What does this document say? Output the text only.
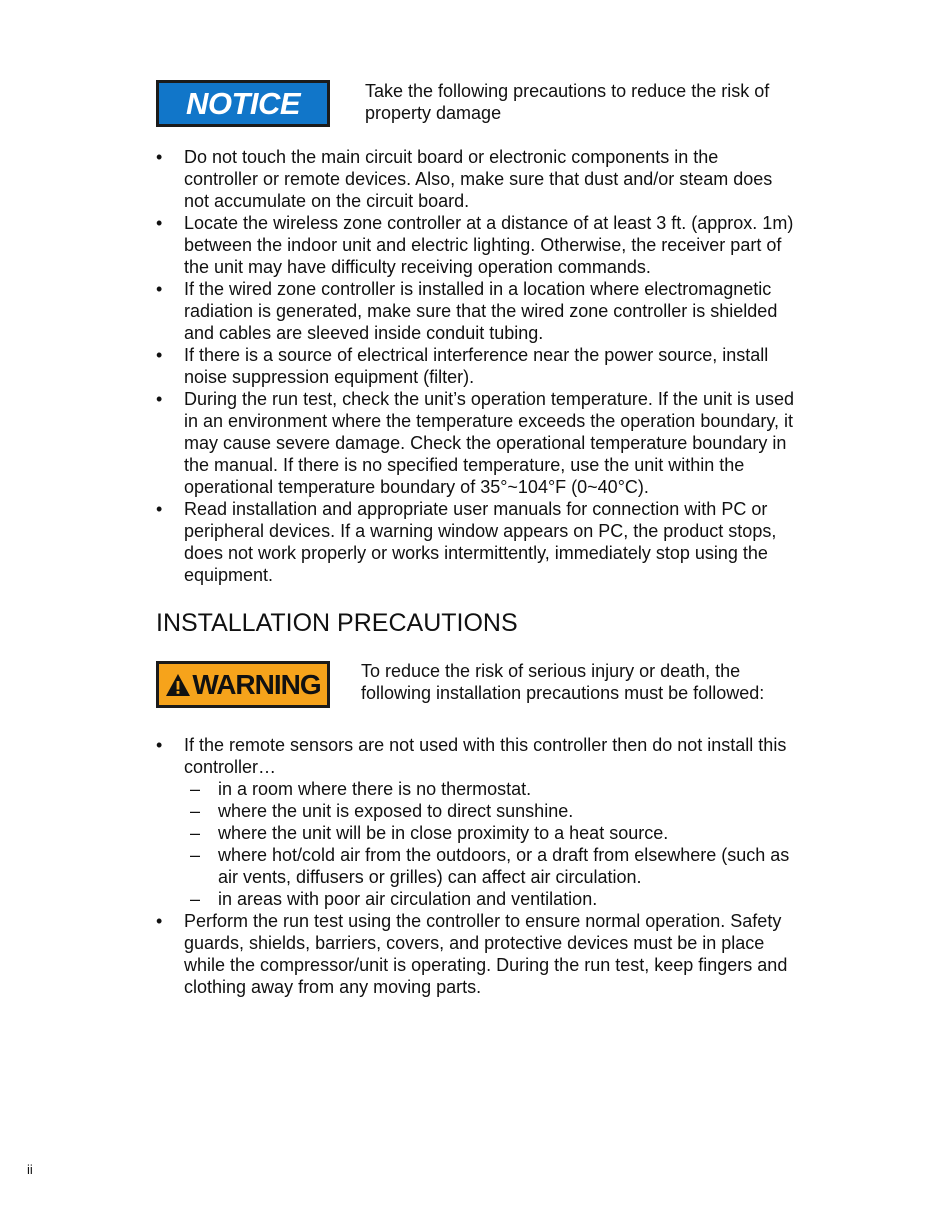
NOTICE	Take the following precautions to reduce the risk of property damage
• Do not touch the main circuit board or electronic components in the controller or remote devices. Also, make sure that dust and/or steam does not accumulate on the circuit board.
• Locate the wireless zone controller at a distance of at least 3 ft. (approx. 1m) between the indoor unit and electric lighting. Otherwise, the receiver part of the unit may have difficulty receiving operation commands.
• If the wired zone controller is installed in a location where electromagnetic radiation is generated, make sure that the wired zone controller is shielded and cables are sleeved inside conduit tubing.
• If there is a source of electrical interference near the power source, install noise suppression equipment (filter).
• During the run test, check the unit’s operation temperature. If the unit is used in an environment where the temperature exceeds the operation boundary, it may cause severe damage. Check the operational temperature boundary in the manual. If there is no specified temperature, use the unit within the operational temperature boundary of 35°~104°F (0~40°C).
• Read installation and appropriate user manuals for connection with PC or peripheral devices. If a warning window appears on PC, the product stops, does not work properly or works intermittently, immediately stop using the equipment.
INSTALLATION PRECAUTIONS
WARNING To reduce the risk of serious injury or death, the following installation precautions must be followed:
• If the remote sensors are not used with this controller then do not install this controller…
– in a room where there is no thermostat.
– where the unit is exposed to direct sunshine.
– where the unit will be in close proximity to a heat source.
– where hot/cold air from the outdoors, or a draft from elsewhere (such as air vents, diffusers or grilles) can affect air circulation.
– in areas with poor air circulation and ventilation.
• Perform the run test using the controller to ensure normal operation. Safety guards, shields, barriers, covers, and protective devices must be in place while the compressor/unit is operating. During the run test, keep fingers and clothing away from any moving parts.
ii
